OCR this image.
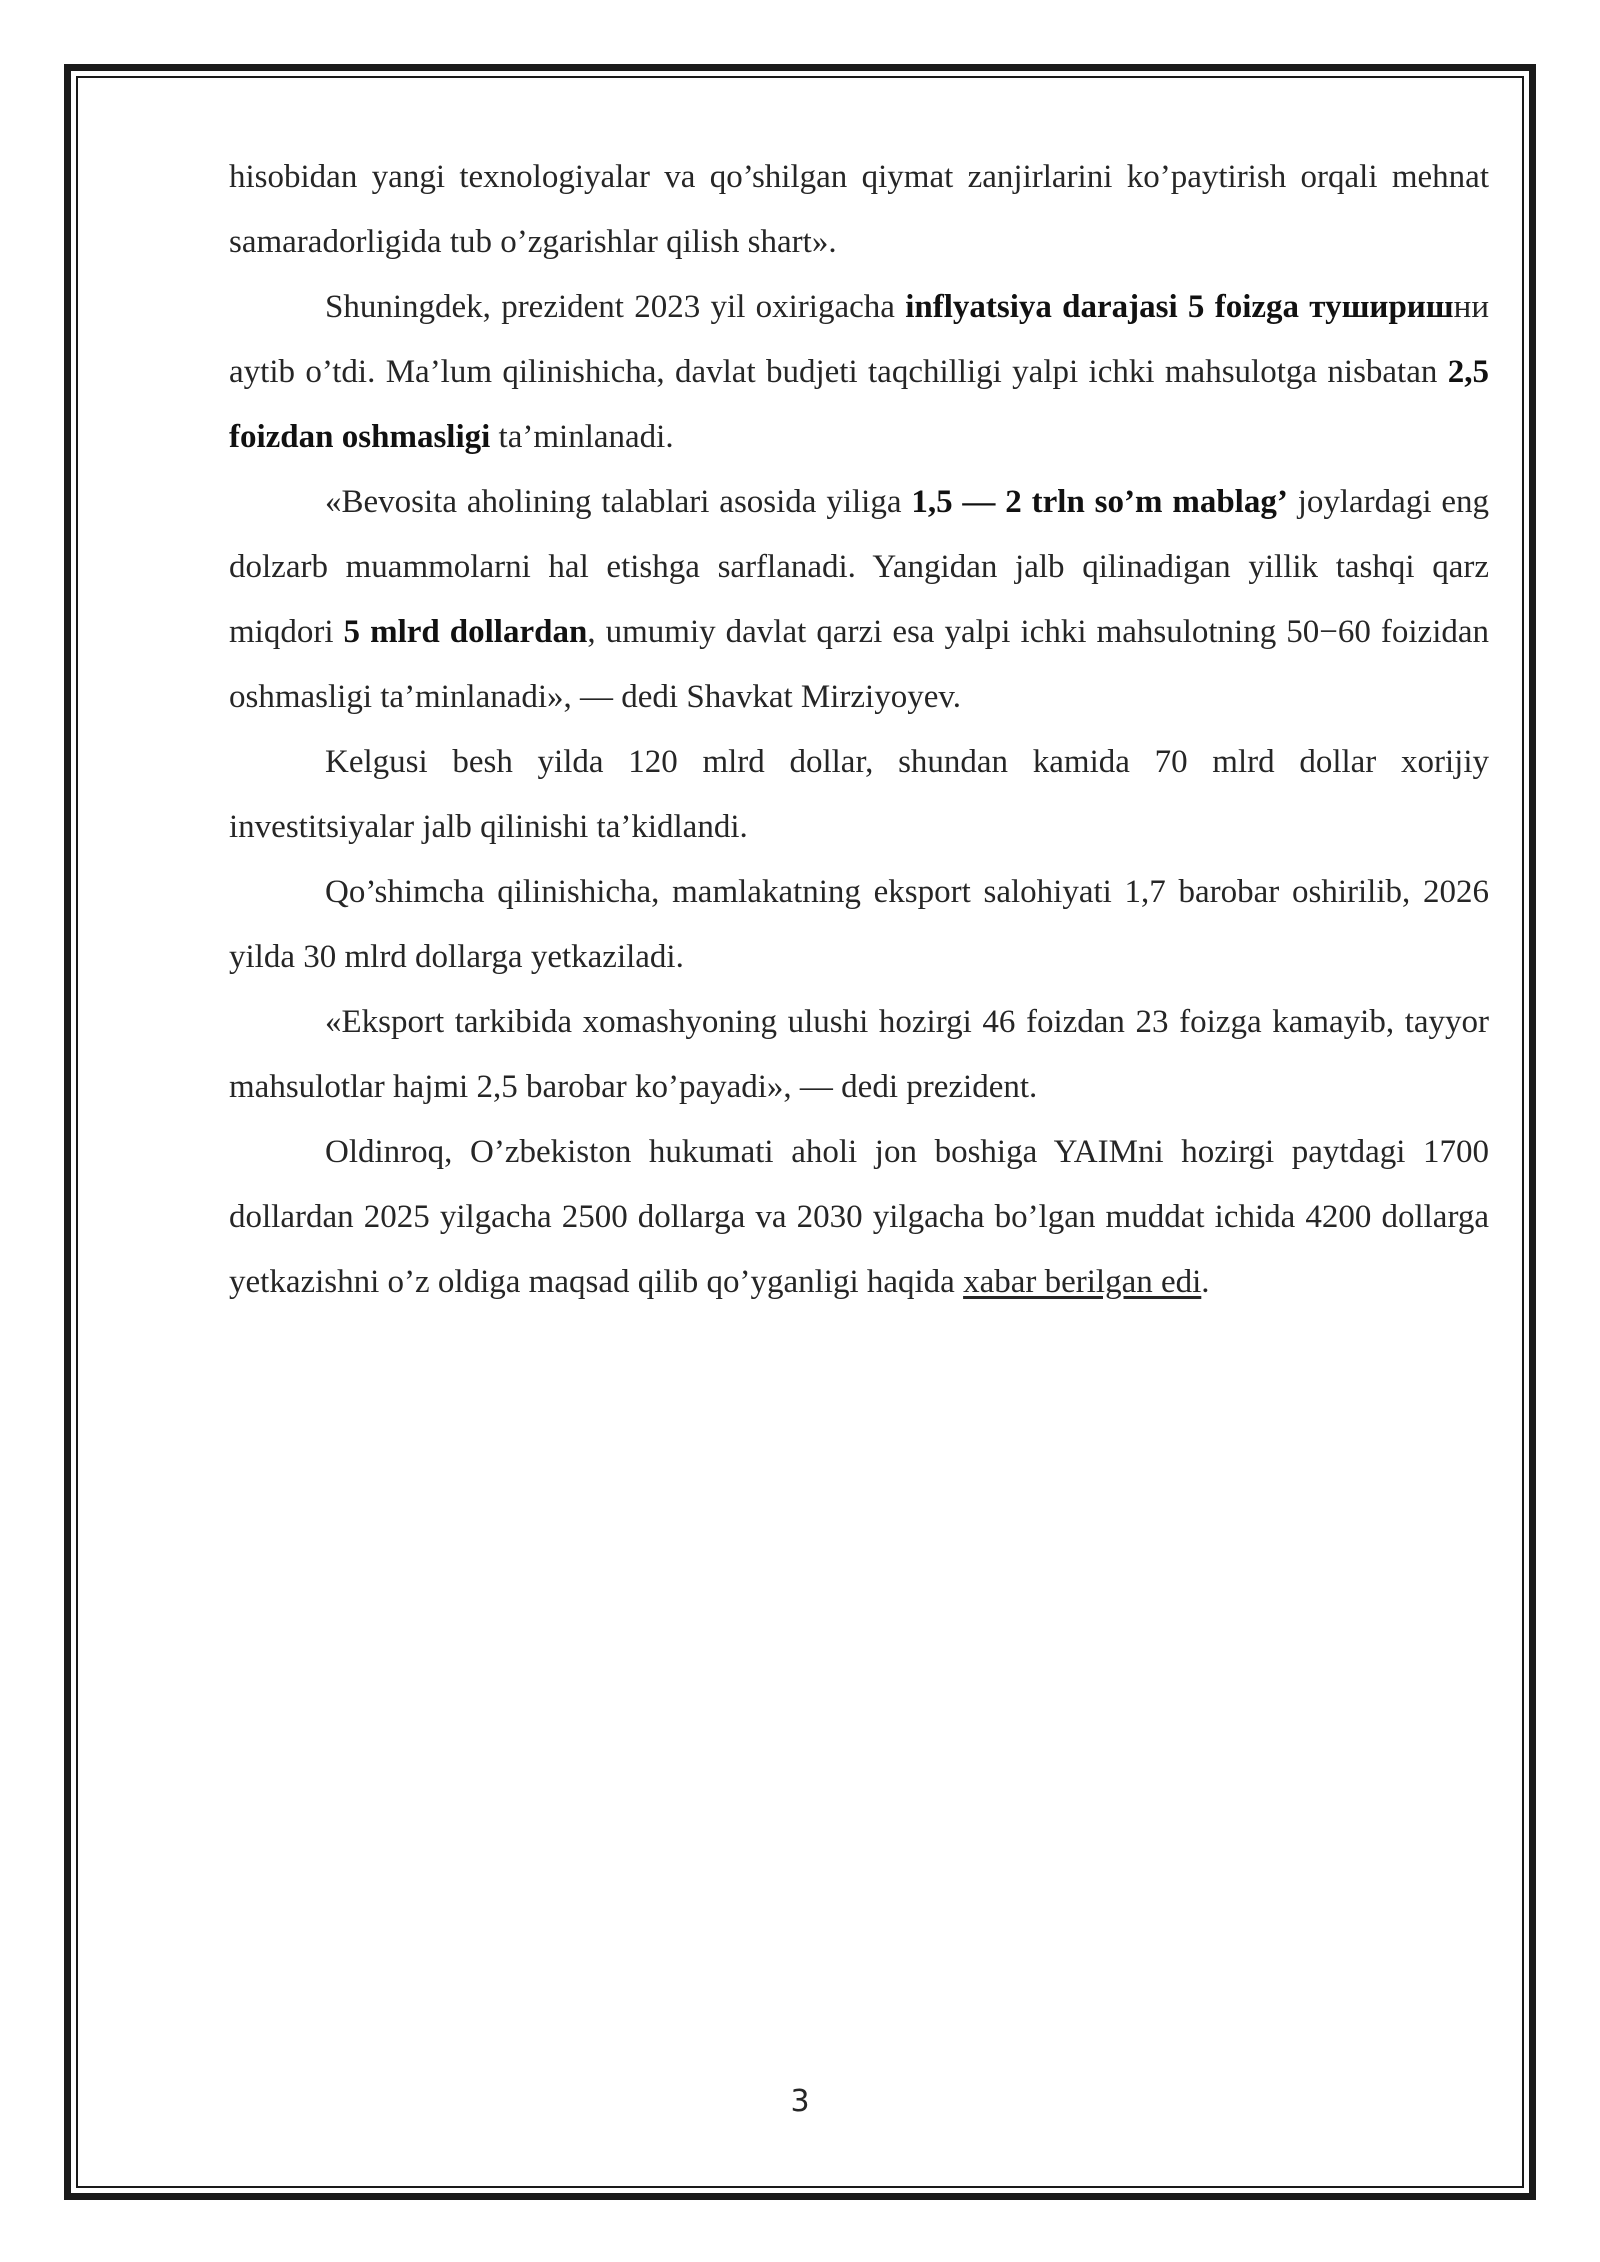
hisobidan yangi texnologiyalar va qo’shilgan qiymat zanjirlarini ko’paytirish orqali mehnat samaradorligida tub o’zgarishlar qilish shart».

Shuningdek, prezident 2023 yil oxirigacha inflyatsiya darajasi 5 foizga туширишни aytib o’tdi. Ma’lum qilinishicha, davlat budjeti taqchilligi yalpi ichki mahsulotga nisbatan 2,5 foizdan oshmasligi ta’minlanadi.

«Bevosita aholining talablari asosida yiliga 1,5 — 2 trln so’m mablag’ joylardagi eng dolzarb muammolarni hal etishga sarflanadi. Yangidan jalb qilinadigan yillik tashqi qarz miqdori 5 mlrd dollardan, umumiy davlat qarzi esa yalpi ichki mahsulotning 50−60 foizidan oshmasligi ta’minlanadi», — dedi Shavkat Mirziyoyev.

Kelgusi besh yilda 120 mlrd dollar, shundan kamida 70 mlrd dollar xorijiy investitsiyalar jalb qilinishi ta’kidlandi.

Qo’shimcha qilinishicha, mamlakatning eksport salohiyati 1,7 barobar oshirilib, 2026 yilda 30 mlrd dollarga yetkaziladi.

«Eksport tarkibida xomashyoning ulushi hozirgi 46 foizdan 23 foizga kamayib, tayyor mahsulotlar hajmi 2,5 barobar ko’payadi», — dedi prezident.

Oldinroq, O’zbekiston hukumati aholi jon boshiga YAIMni hozirgi paytdagi 1700 dollardan 2025 yilgacha 2500 dollarga va 2030 yilgacha bo’lgan muddat ichida 4200 dollarga yetkazishni o’z oldiga maqsad qilib qo’yganligi haqida xabar berilgan edi.

3
